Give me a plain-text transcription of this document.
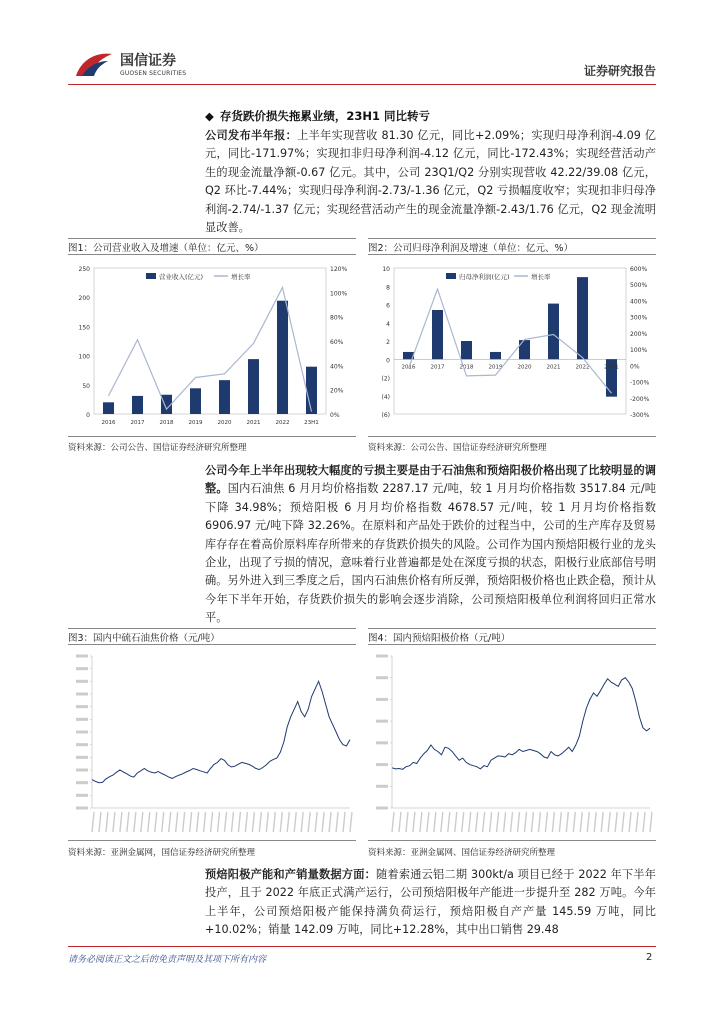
国信证券
GUOSEN SECURITIES	证券研究报告
◆ 存货跌价损失拖累业绩，23H1 同比转亏
公司发布半年报：上半年实现营收 81.30 亿元，同比+2.09%；实现归母净利润-4.09 亿元，同比-171.97%；实现扣非归母净利润-4.12 亿元，同比-172.43%；实现经营活动产生的现金流量净额-0.67 亿元。其中，公司 23Q1/Q2 分别实现营收 42.22/39.08 亿元，Q2 环比-7.44%；实现归母净利润-2.73/-1.36 亿元，Q2 亏损幅度收窄；实现扣非归母净利润-2.74/-1.37 亿元；实现经营活动产生的现金流量净额-2.43/1.76 亿元，Q2 现金流明显改善。
图1：公司营业收入及增速（单位：亿元、%）
0
50
100
150
200
250
0%
20%
40%
60%
80%
100%
120%
2016	2017	2018	2019	2020	2021	2022	23H1
营业收入(亿元)	增长率
资料来源：公司公告、国信证券经济研究所整理
图2：公司归母净利润及增速（单位：亿元、%）
(6)
(4)
(2)
0
2
4
6
8
10
-300%
-200%
-100%
0%
100%
200%
300%
400%
500%
600%
2016	2017	2018	2019	2020	2021	2022	23H1
归母净利润(亿元)	增长率
资料来源：公司公告、国信证券经济研究所整理
公司今年上半年出现较大幅度的亏损主要是由于石油焦和预焙阳极价格出现了比较明显的调整。国内石油焦 6 月月均价格指数 2287.17 元/吨，较 1 月月均价格指数 3517.84 元/吨下降 34.98%；预焙阳极 6 月月均价格指数 4678.57 元/吨，较 1 月月均价格指数 6906.97 元/吨下降 32.26%。在原料和产品处于跌价的过程当中，公司的生产库存及贸易库存存在着高价原料库存所带来的存货跌价损失的风险。公司作为国内预焙阳极行业的龙头企业，出现了亏损的情况，意味着行业普遍都是处在深度亏损的状态，阳极行业底部信号明确。另外进入到三季度之后，国内石油焦价格有所反弹，预焙阳极价格也止跌企稳，预计从今年下半年开始，存货跌价损失的影响会逐步消除，公司预焙阳极单位利润将回归正常水平。
图3：国内中硫石油焦价格（元/吨）
资料来源：亚洲金属网，国信证券经济研究所整理
图4：国内预焙阳极价格（元/吨）
资料来源：亚洲金属网、国信证券经济研究所整理
预焙阳极产能和产销量数据方面：随着索通云铝二期 300kt/a 项目已经于 2022 年下半年投产，且于 2022 年底正式满产运行，公司预焙阳极年产能进一步提升至 282 万吨。今年上半年，公司预焙阳极产能保持满负荷运行，预焙阳极自产产量 145.59 万吨，同比+10.02%；销量 142.09 万吨，同比+12.28%，其中出口销售 29.48
请务必阅读正文之后的免责声明及其项下所有内容	2
